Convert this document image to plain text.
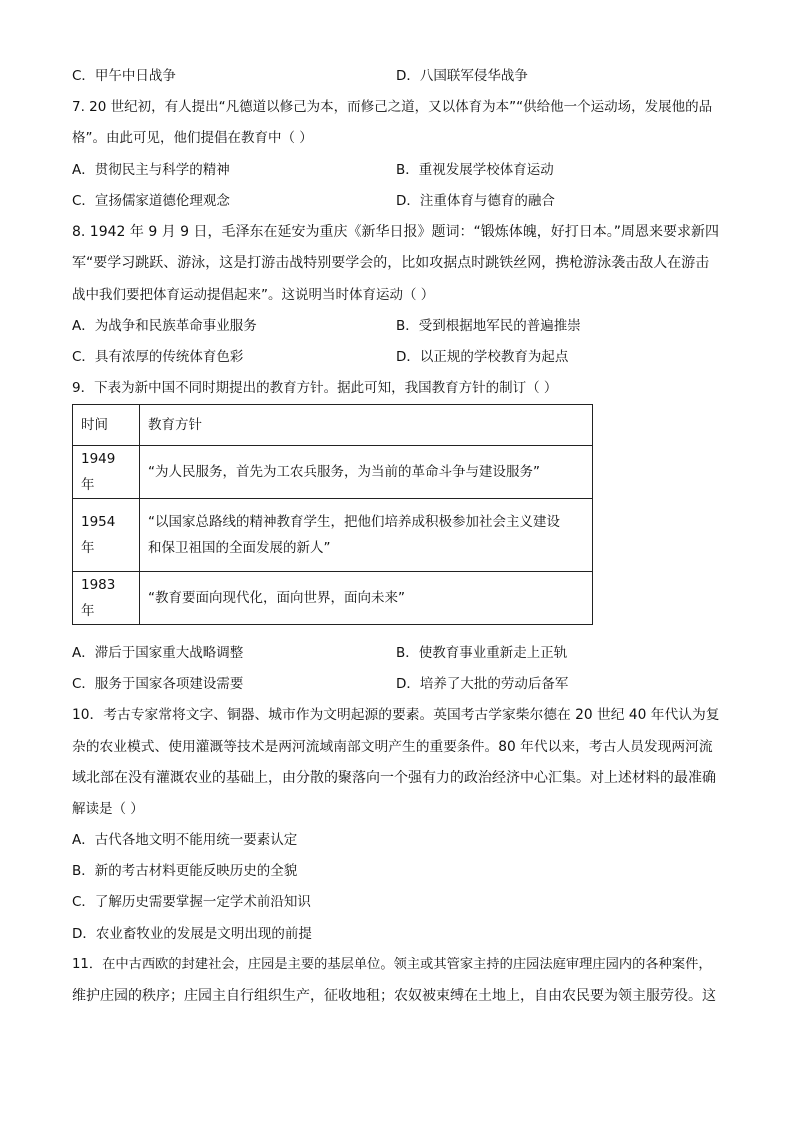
C．甲午中日战争	D．八国联军侵华战争
7. 20 世纪初，有人提出“凡德道以修己为本，而修己之道，又以体育为本”“供给他一个运动场，发展他的品
格”。由此可见，他们提倡在教育中（ ）
A．贯彻民主与科学的精神	B．重视发展学校体育运动
C．宣扬儒家道德伦理观念	D．注重体育与德育的融合
8. 1942 年 9 月 9 日，毛泽东在延安为重庆《新华日报》题词：“锻炼体魄，好打日本。”周恩来要求新四
军“要学习跳跃、游泳，这是打游击战特别要学会的，比如攻据点时跳铁丝网，携枪游泳袭击敌人在游击
战中我们要把体育运动提倡起来”。这说明当时体育运动（ ）
A．为战争和民族革命事业服务	B．受到根据地军民的普遍推崇
C．具有浓厚的传统体育色彩	D．以正规的学校教育为起点
9．下表为新中国不同时期提出的教育方针。据此可知，我国教育方针的制订（ ）
时间	教育方针
1949 年	“为人民服务，首先为工农兵服务，为当前的革命斗争与建设服务”
1954 年	“以国家总路线的精神教育学生，把他们培养成积极参加社会主义建设
和保卫祖国的全面发展的新人”

1983 年	“教育要面向现代化，面向世界，面向未来”
A．滞后于国家重大战略调整	B．使教育事业重新走上正轨
C．服务于国家各项建设需要	D．培养了大批的劳动后备军
10．考古专家常将文字、铜器、城市作为文明起源的要素。英国考古学家柴尔德在 20 世纪 40 年代认为复
杂的农业模式、使用灌溉等技术是两河流域南部文明产生的重要条件。80 年代以来，考古人员发现两河流
域北部在没有灌溉农业的基础上，由分散的聚落向一个强有力的政治经济中心汇集。对上述材料的最准确
解读是（ ）
A．古代各地文明不能用统一要素认定
B．新的考古材料更能反映历史的全貌
C．了解历史需要掌握一定学术前沿知识
D．农业畜牧业的发展是文明出现的前提
11．在中古西欧的封建社会，庄园是主要的基层单位。领主或其管家主持的庄园法庭审理庄园内的各种案件，
维护庄园的秩序；庄园主自行组织生产，征收地租；农奴被束缚在土地上，自由农民要为领主服劳役。这
